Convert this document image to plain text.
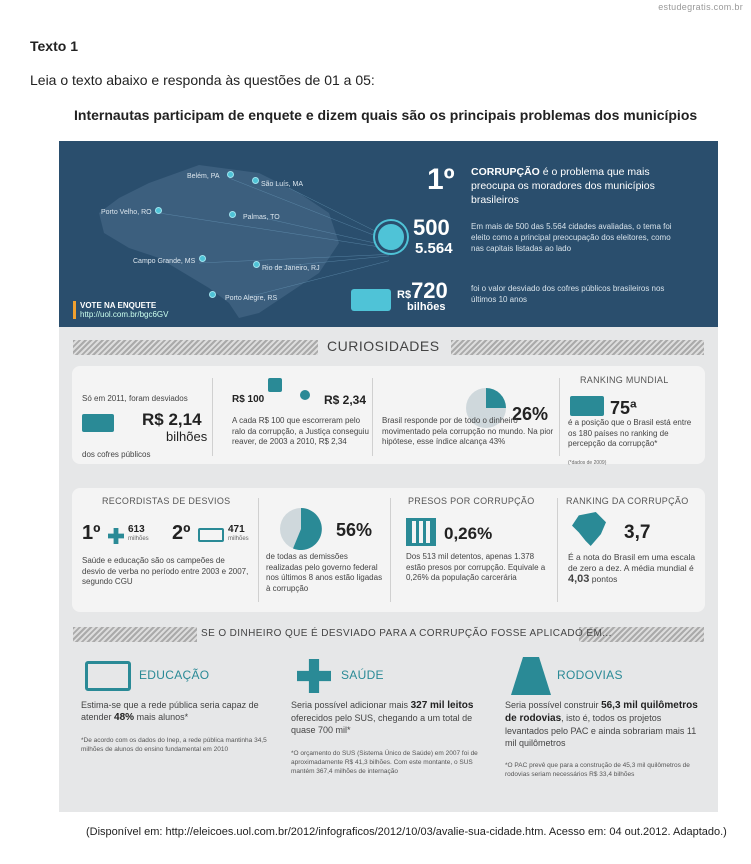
estudegratis.com.br
Texto 1
Leia o texto abaixo e responda às questões de 01 a 05:
Internautas participam de enquete e dizem quais são os principais problemas dos municípios
Belém, PA
São Luís, MA
Porto Velho, RO
Palmas, TO
Campo Grande, MS
Rio de Janeiro, RJ
Porto Alegre, RS
VOTE NA ENQUETE
http://uol.com.br/bgc6GV
1º CORRUPÇÃO é o problema que mais preocupa os moradores dos municípios brasileiros
500
5.564
Em mais de 500 das 5.564 cidades avaliadas, o tema foi eleito como a principal preocupação dos eleitores, como nas capitais listadas ao lado
R$720
bilhões
foi o valor desviado dos cofres públicos brasileiros nos últimos 10 anos
CURIOSIDADES
Só em 2011, foram desviados
R$ 2,14
bilhões
dos cofres públicos
R$ 100	R$ 2,34
A cada R$ 100 que escorreram pelo ralo da corrupção, a Justiça conseguiu reaver, de 2003 a 2010, R$ 2,34
26%
Brasil responde por de todo o dinheiro movimentado pela corrupção no mundo. Na pior hipótese, esse índice alcança 43%
RANKING MUNDIAL
75ª
é a posição que o Brasil está entre os 180 países no ranking de percepção da corrupção*
(*dados de 2009)
RECORDISTAS DE DESVIOS
1º	613
milhões 2º	471
milhões
Saúde e educação são os campeões de desvio de verba no período entre 2003 e 2007, segundo CGU
56%
de todas as demissões realizadas pelo governo federal nos últimos 8 anos estão ligadas à corrupção
PRESOS POR CORRUPÇÃO
0,26%
Dos 513 mil detentos, apenas 1.378 estão presos por corrupção. Equivale a 0,26% da população carcerária
RANKING DA CORRUPÇÃO
3,7
É a nota do Brasil em uma escala de zero a dez. A média mundial é 4,03 pontos
SE O DINHEIRO QUE É DESVIADO PARA A CORRUPÇÃO FOSSE APLICADO EM...
EDUCAÇÃO
Estima-se que a rede pública seria capaz de atender 48% mais alunos*
*De acordo com os dados do Inep, a rede pública mantinha 34,5 milhões de alunos do ensino fundamental em 2010
SAÚDE
Seria possível adicionar mais 327 mil leitos oferecidos pelo SUS, chegando a um total de quase 700 mil*
*O orçamento do SUS (Sistema Único de Saúde) em 2007 foi de aproximadamente R$ 41,3 bilhões. Com este montante, o SUS mantém 367,4 milhões de internação
RODOVIAS
Seria possível construir 56,3 mil quilômetros de rodovias, isto é, todos os projetos levantados pelo PAC e ainda sobrariam mais 11 mil quilômetros
*O PAC prevê que para a construção de 45,3 mil quilômetros de rodovias seriam necessários R$ 33,4 bilhões
(Disponível em: http://eleicoes.uol.com.br/2012/infograficos/2012/10/03/avalie-sua-cidade.htm. Acesso em: 04 out.2012. Adaptado.)
